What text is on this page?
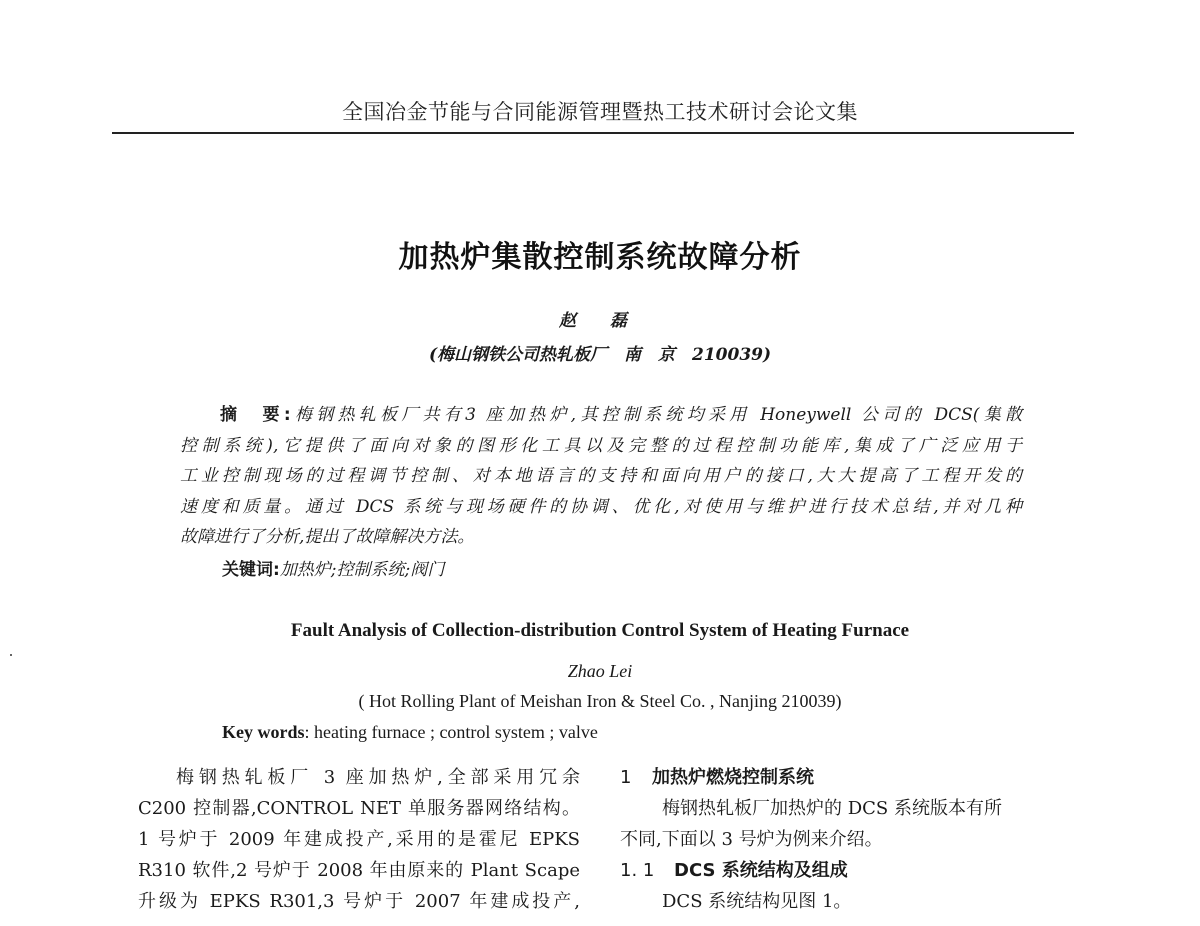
全国冶金节能与合同能源管理暨热工技术研讨会论文集
加热炉集散控制系统故障分析
赵 磊
(梅山钢铁公司热轧板厂　南　京　210039)
摘　要:梅钢热轧板厂共有3 座加热炉,其控制系统均采用 Honeywell 公司的 DCS(集散
控制系统),它提供了面向对象的图形化工具以及完整的过程控制功能库,集成了广泛应用于
工业控制现场的过程调节控制、对本地语言的支持和面向用户的接口,大大提高了工程开发的
速度和质量。通过 DCS 系统与现场硬件的协调、优化,对使用与维护进行技术总结,并对几种
故障进行了分析,提出了故障解决方法。
关键词:加热炉;控制系统;阀门
Fault Analysis of Collection-distribution Control System of Heating Furnace
Zhao Lei
( Hot Rolling Plant of Meishan Iron & Steel Co. , Nanjing 210039)
Key words: heating furnace ; control system ; valve
梅钢热轧板厂 3 座加热炉,全部采用冗余
C200 控制器,CONTROL NET 单服务器网络结构。
1 号炉于 2009 年建成投产,采用的是霍尼 EPKS
R310 软件,2 号炉于 2008 年由原来的 Plant Scape
升级为 EPKS R301,3 号炉于 2007 年建成投产,
1 加热炉燃烧控制系统
梅钢热轧板厂加热炉的 DCS 系统版本有所
不同,下面以 3 号炉为例来介绍。
1. 1 DCS 系统结构及组成
DCS 系统结构见图 1。
